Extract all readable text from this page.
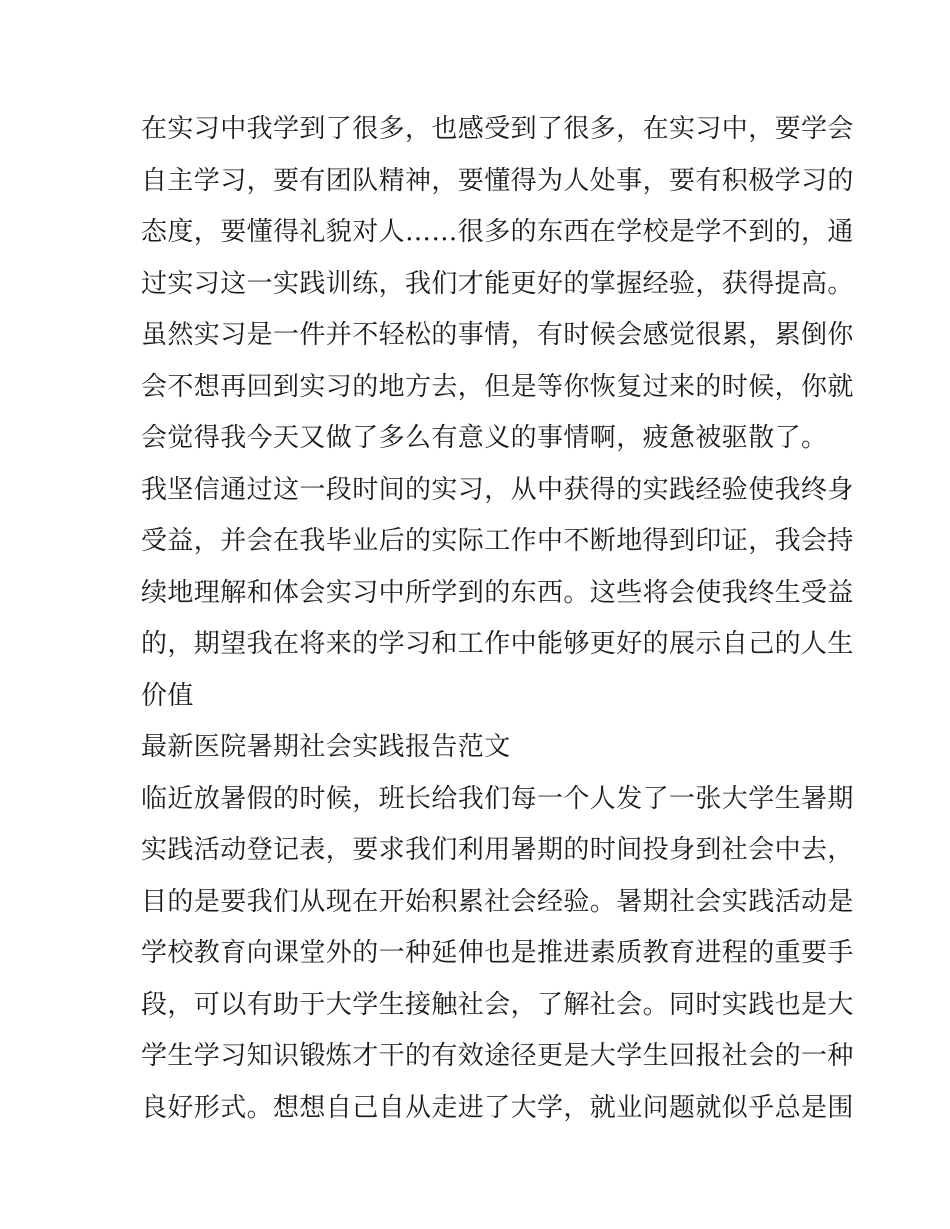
在实习中我学到了很多，也感受到了很多，在实习中，要学会
自主学习，要有团队精神，要懂得为人处事，要有积极学习的
态度，要懂得礼貌对人……很多的东西在学校是学不到的，通
过实习这一实践训练，我们才能更好的掌握经验，获得提高。
虽然实习是一件并不轻松的事情，有时候会感觉很累，累倒你
会不想再回到实习的地方去，但是等你恢复过来的时候，你就
会觉得我今天又做了多么有意义的事情啊，疲惫被驱散了。
我坚信通过这一段时间的实习，从中获得的实践经验使我终身
受益，并会在我毕业后的实际工作中不断地得到印证，我会持
续地理解和体会实习中所学到的东西。这些将会使我终生受益
的，期望我在将来的学习和工作中能够更好的展示自己的人生
价值
最新医院暑期社会实践报告范文
临近放暑假的时候，班长给我们每一个人发了一张大学生暑期
实践活动登记表，要求我们利用暑期的时间投身到社会中去，
目的是要我们从现在开始积累社会经验。暑期社会实践活动是
学校教育向课堂外的一种延伸也是推进素质教育进程的重要手
段，可以有助于大学生接触社会，了解社会。同时实践也是大
学生学习知识锻炼才干的有效途径更是大学生回报社会的一种
良好形式。想想自己自从走进了大学，就业问题就似乎总是围
